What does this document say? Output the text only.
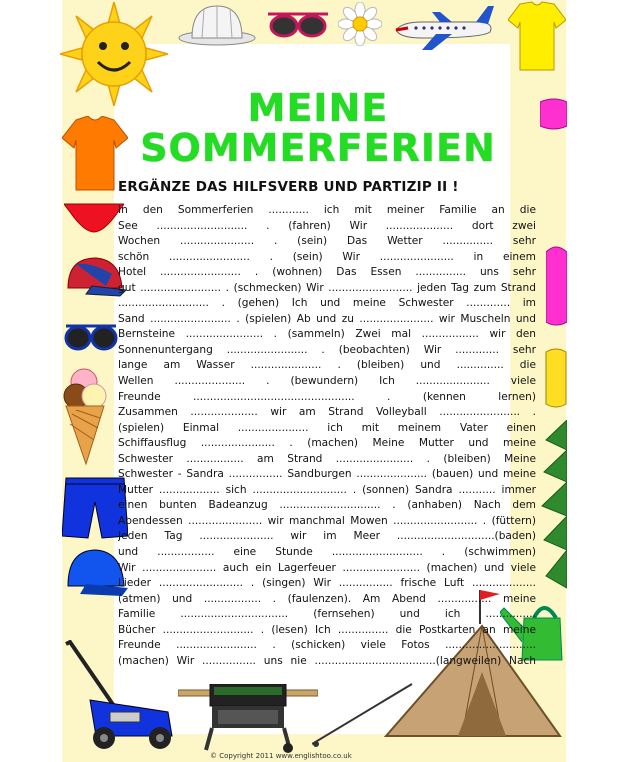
MEINE
SOMMERFERIEN
ERGÄNZE DAS HILFSVERB UND PARTIZIP II !
In den Sommerferien ............ ich mit meiner Familie an die
See ........................... . (fahren) Wir .................... dort zwei
Wochen ...................... . (sein) Das Wetter ............... sehr
schön ........................ . (sein) Wir ...................... in einem
Hotel ........................ . (wohnen) Das Essen ............... uns sehr
gut ........................ . (schmecken) Wir ......................... jeden Tag zum Strand
........................... . (gehen) Ich und meine Schwester ............. im
Sand ........................ . (spielen) Ab und zu ...................... wir Muscheln und
Bernsteine ....................... . (sammeln) Zwei mal ................. wir den
Sonnenuntergang ........................ . (beobachten) Wir ............. sehr
lange am Wasser ..................... . (bleiben) und .............. die
Wellen ..................... . (bewundern) Ich ...................... viele
Freunde ................................................ . (kennen lernen)
Zusammen .................... wir am Strand Volleyball ........................ .
(spielen) Einmal ..................... ich mit meinem Vater einen
Schiffausflug ...................... . (machen) Meine Mutter und meine
Schwester ................. am Strand ....................... . (bleiben) Meine
Schwester - Sandra ................ Sandburgen ..................... (bauen) und meine
Mutter .................. sich ............................ . (sonnen) Sandra ........... immer
einen bunten Badeanzug .............................. . (anhaben) Nach dem
Abendessen ...................... wir manchmal Mowen ......................... . (füttern)
Jeden Tag ...................... wir im Meer .............................(baden)
und ................. eine Stunde ........................... . (schwimmen)
Wir ...................... auch ein Lagerfeuer ....................... (machen) und viele
Lieder ......................... . (singen) Wir ................ frische Luft ...................
(atmen) und ................. . (faulenzen). Am Abend ................ meine
Familie ................................ (fernsehen) und ich ...............
Bücher ........................... . (lesen) Ich ............... die Postkarten an meine
Freunde ........................ . (schicken) viele Fotos ...........................
(machen) Wir ................ uns nie ....................................(langweilen) Nach
© Copyright 2011 www.englishtoo.co.uk
